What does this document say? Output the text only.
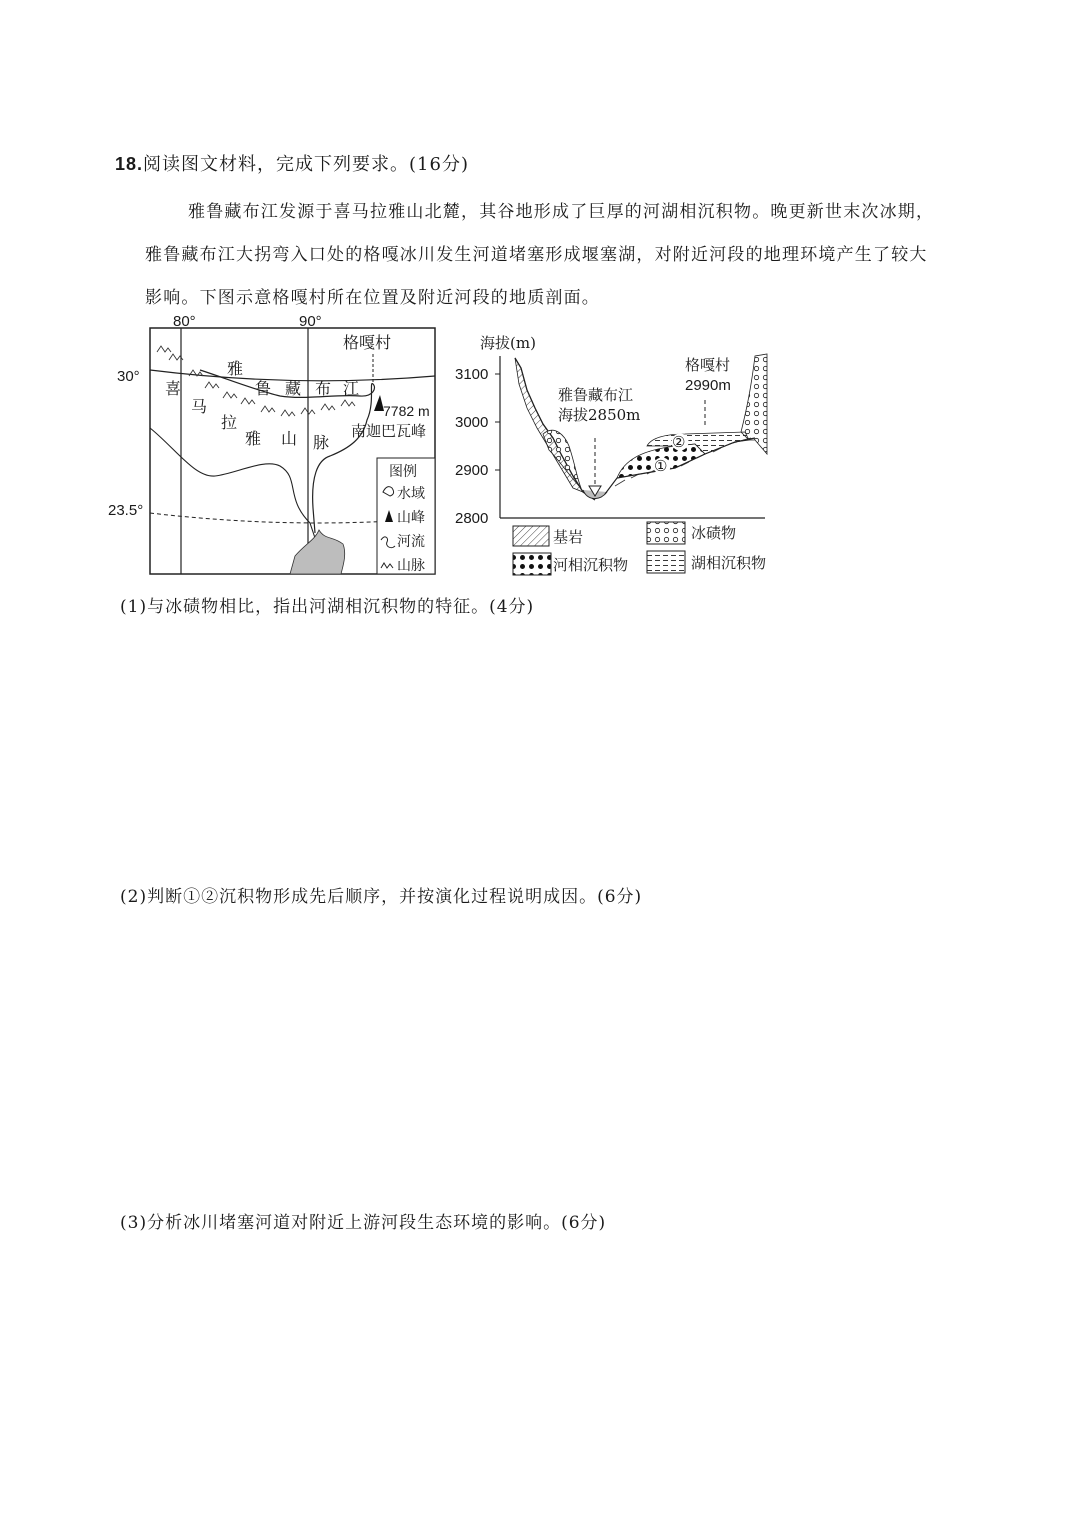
18.阅读图文材料，完成下列要求。(16分)
雅鲁藏布江发源于喜马拉雅山北麓，其谷地形成了巨厚的河湖相沉积物。晚更新世末次冰期，
雅鲁藏布江大拐弯入口处的格嘎冰川发生河道堵塞形成堰塞湖，对附近河段的地理环境产生了较大
影响。下图示意格嘎村所在位置及附近河段的地质剖面。
80°	90°
30°
23.5°
格嘎村
雅
鲁 藏 布 江
喜
马
拉
雅 山 脉
7782 m
南迦巴瓦峰
图例
水域
山峰
河流
山脉
海拔(m)
3100
3000
2900
2800
①
②
雅鲁藏布江
海拔2850m
格嘎村
2990m
基岩	冰碛物
河相沉积物	湖相沉积物
(1)与冰碛物相比，指出河湖相沉积物的特征。(4分)
(2)判断①②沉积物形成先后顺序，并按演化过程说明成因。(6分)
(3)分析冰川堵塞河道对附近上游河段生态环境的影响。(6分)
